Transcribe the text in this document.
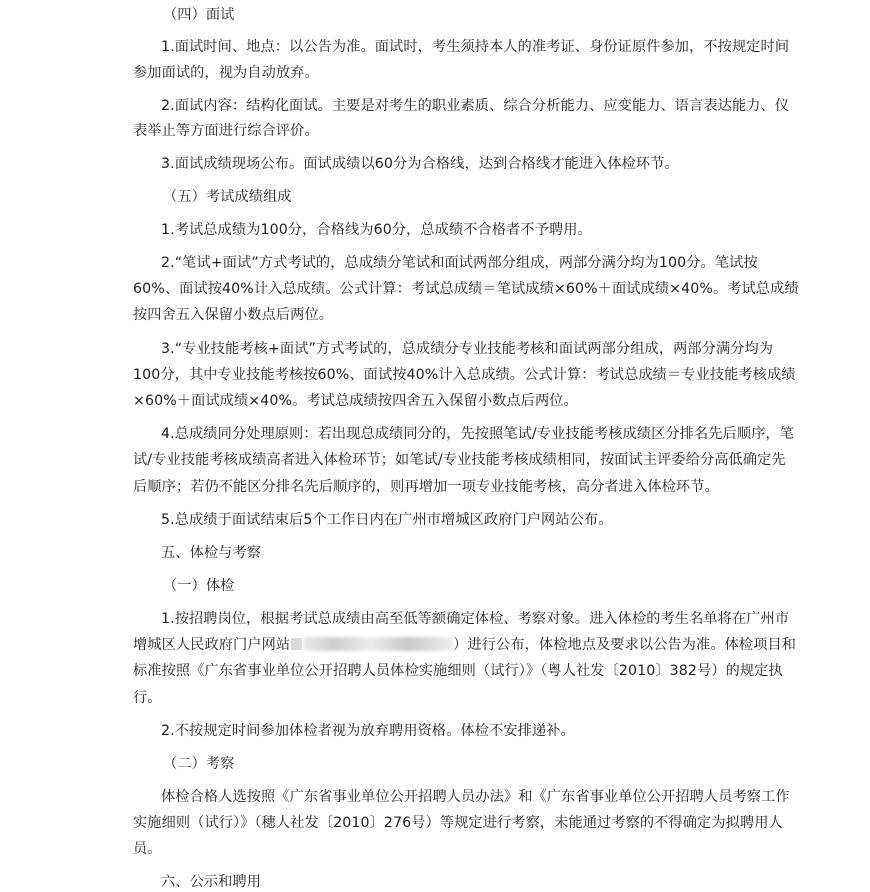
（四）面试
1.面试时间、地点：以公告为准。面试时，考生须持本人的准考证、身份证原件参加，不按规定时间
参加面试的，视为自动放弃。
2.面试内容：结构化面试。主要是对考生的职业素质、综合分析能力、应变能力、语言表达能力、仪
表举止等方面进行综合评价。
3.面试成绩现场公布。面试成绩以60分为合格线，达到合格线才能进入体检环节。
（五）考试成绩组成
1.考试总成绩为100分，合格线为60分，总成绩不合格者不予聘用。
2.“笔试+面试”方式考试的，总成绩分笔试和面试两部分组成，两部分满分均为100分。笔试按
60%、面试按40%计入总成绩。公式计算：考试总成绩＝笔试成绩×60%＋面试成绩×40%。考试总成绩
按四舍五入保留小数点后两位。
3.“专业技能考核+面试”方式考试的，总成绩分专业技能考核和面试两部分组成，两部分满分均为
100分，其中专业技能考核按60%、面试按40%计入总成绩。公式计算：考试总成绩＝专业技能考核成绩
×60%＋面试成绩×40%。考试总成绩按四舍五入保留小数点后两位。
4.总成绩同分处理原则：若出现总成绩同分的，先按照笔试/专业技能考核成绩区分排名先后顺序，笔
试/专业技能考核成绩高者进入体检环节；如笔试/专业技能考核成绩相同，按面试主评委给分高低确定先
后顺序；若仍不能区分排名先后顺序的，则再增加一项专业技能考核，高分者进入体检环节。
5.总成绩于面试结束后5个工作日内在广州市增城区政府门户网站公布。
五、体检与考察
（一）体检
1.按招聘岗位，根据考试总成绩由高至低等额确定体检、考察对象。进入体检的考生名单将在广州市
增城区人民政府门户网站	）进行公布，体检地点及要求以公告为准。体检项目和
标准按照《广东省事业单位公开招聘人员体检实施细则（试行）》（粤人社发〔2010〕382号）的规定执
行。
2.不按规定时间参加体检者视为放弃聘用资格。体检不安排递补。
（二）考察
体检合格人选按照《广东省事业单位公开招聘人员办法》和《广东省事业单位公开招聘人员考察工作
实施细则（试行）》（穗人社发〔2010〕276号）等规定进行考察，未能通过考察的不得确定为拟聘用人
员。
六、公示和聘用
